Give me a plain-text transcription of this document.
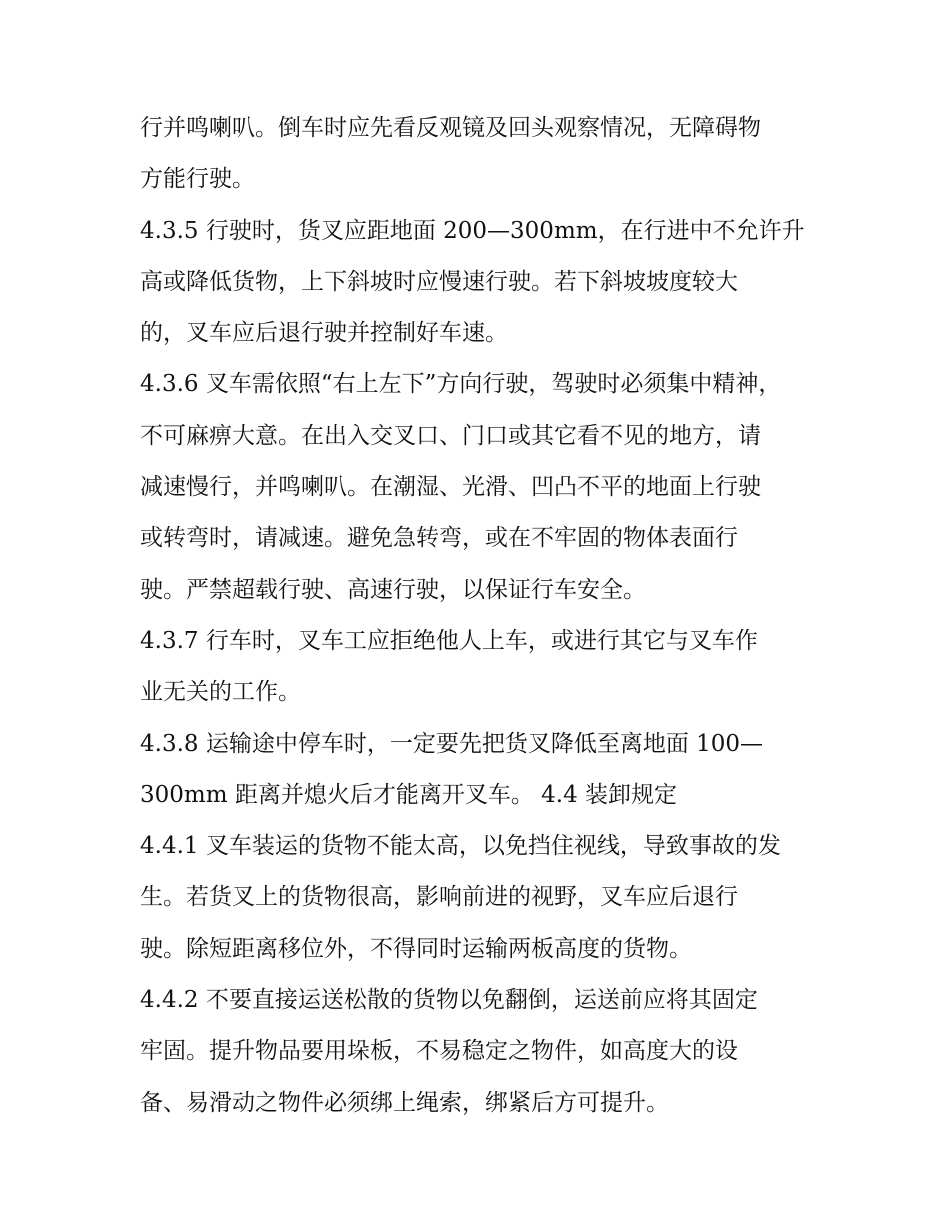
行并鸣喇叭。倒车时应先看反观镜及回头观察情况，无障碍物
方能行驶。
4.3.5 行驶时，货叉应距地面 200—300mm，在行进中不允许升
高或降低货物，上下斜坡时应慢速行驶。若下斜坡坡度较大
的，叉车应后退行驶并控制好车速。
4.3.6 叉车需依照“右上左下”方向行驶，驾驶时必须集中精神，
不可麻痹大意。在出入交叉口、门口或其它看不见的地方，请
减速慢行，并鸣喇叭。在潮湿、光滑、凹凸不平的地面上行驶
或转弯时，请减速。避免急转弯，或在不牢固的物体表面行
驶。严禁超载行驶、高速行驶，以保证行车安全。
4.3.7 行车时，叉车工应拒绝他人上车，或进行其它与叉车作
业无关的工作。
4.3.8 运输途中停车时，一定要先把货叉降低至离地面 100—
300mm 距离并熄火后才能离开叉车。 4.4 装卸规定
4.4.1 叉车装运的货物不能太高，以免挡住视线，导致事故的发
生。若货叉上的货物很高，影响前进的视野，叉车应后退行
驶。除短距离移位外，不得同时运输两板高度的货物。
4.4.2 不要直接运送松散的货物以免翻倒，运送前应将其固定
牢固。提升物品要用垛板，不易稳定之物件，如高度大的设
备、易滑动之物件必须绑上绳索，绑紧后方可提升。
